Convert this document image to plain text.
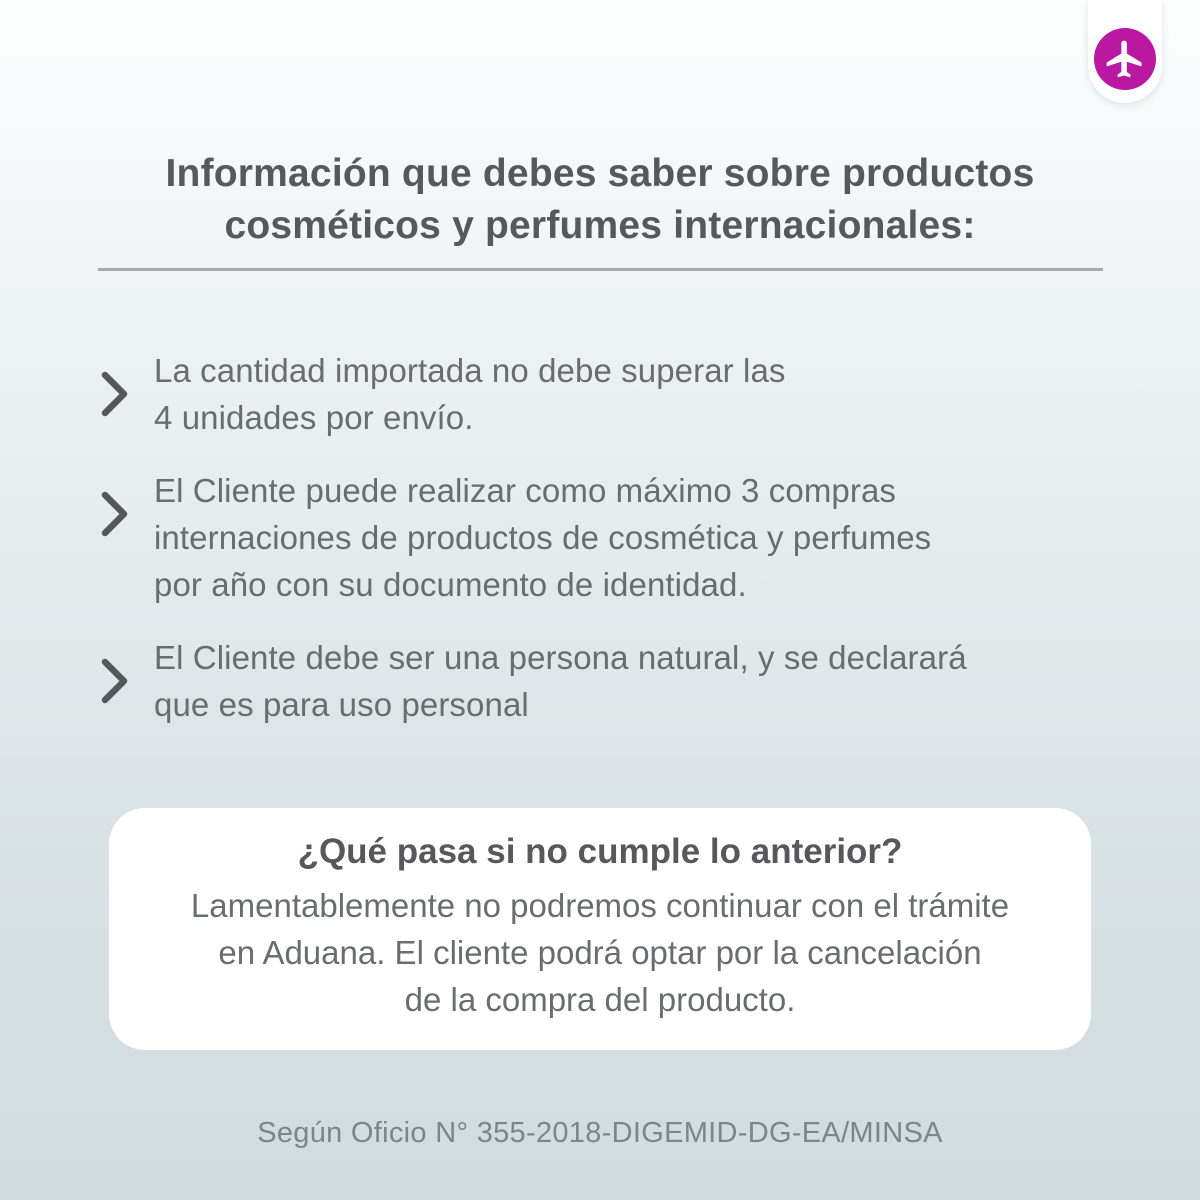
Información que debes saber sobre productos
cosméticos y perfumes internacionales:
La cantidad importada no debe superar las
4 unidades por envío.
El Cliente puede realizar como máximo 3 compras
internaciones de productos de cosmética y perfumes
por año con su documento de identidad.
El Cliente debe ser una persona natural, y se declarará
que es para uso personal
¿Qué pasa si no cumple lo anterior?
Lamentablemente no podremos continuar con el trámite
en Aduana. El cliente podrá optar por la cancelación
de la compra del producto.
Según Oficio N° 355-2018-DIGEMID-DG-EA/MINSA
